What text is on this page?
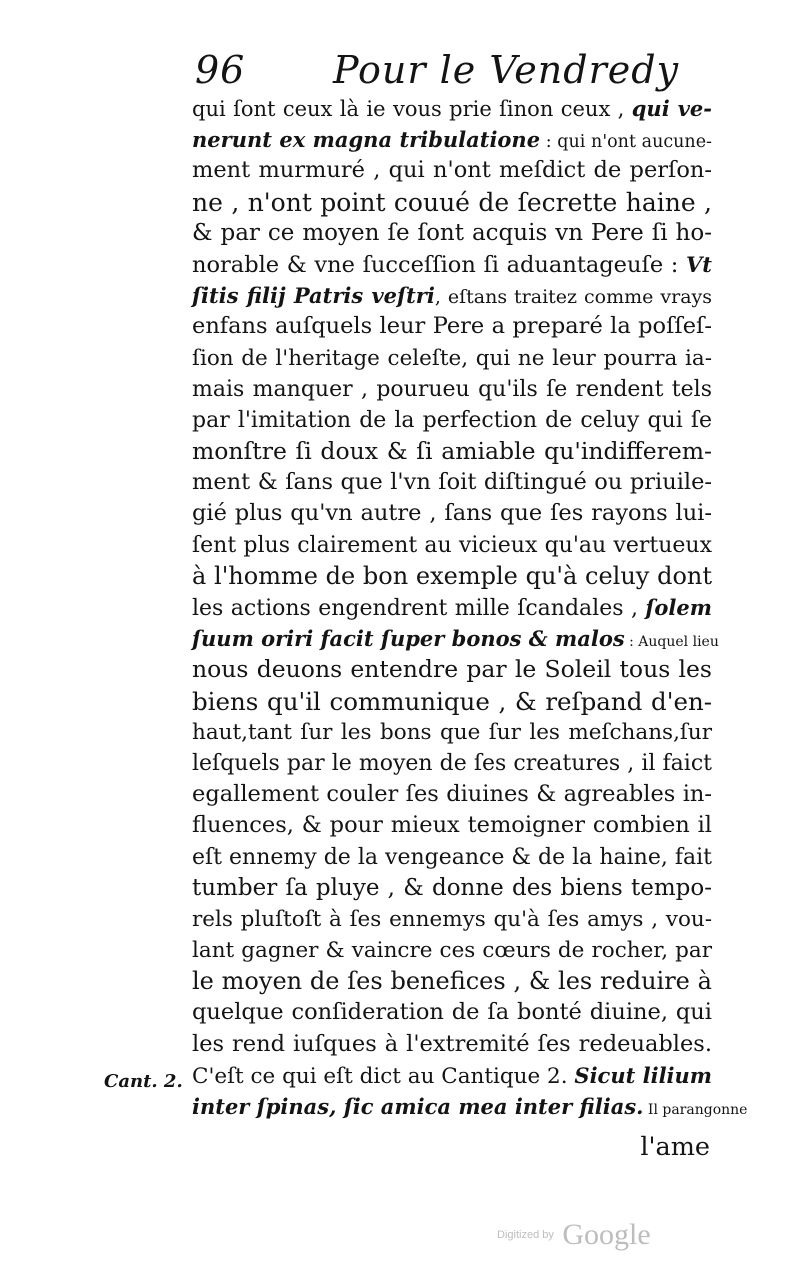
96 Pour le Vendredy
qui ſont ceux là ie vous prie ſinon ceux , qui ve-
nerunt ex magna tribulatione : qui n'ont aucune-
ment murmuré , qui n'ont meſdict de perſon-
ne , n'ont point couué de ſecrette haine ,
& par ce moyen ſe ſont acquis vn Pere ſi ho-
norable & vne ſucceſſion ſi aduantageuſe : Vt
ſitis filij Patris veſtri, eſtans traitez comme vrays
enfans auſquels leur Pere a preparé la poſſeſ-
ſion de l'heritage celeſte, qui ne leur pourra ia-
mais manquer , pourueu qu'ils ſe rendent tels
par l'imitation de la perfection de celuy qui ſe
monſtre ſi doux & ſi amiable qu'indifferem-
ment & ſans que l'vn ſoit diſtingué ou priuile-
gié plus qu'vn autre , ſans que ſes rayons lui-
ſent plus clairement au vicieux qu'au vertueux
à l'homme de bon exemple qu'à celuy dont
les actions engendrent mille ſcandales , ſolem
ſuum oriri facit ſuper bonos & malos : Auquel lieu
nous deuons entendre par le Soleil tous les
biens qu'il communique , & reſpand d'en-
haut,tant ſur les bons que ſur les meſchans,ſur
leſquels par le moyen de ſes creatures , il faict
egallement couler ſes diuines & agreables in-
fluences, & pour mieux temoigner combien il
eſt ennemy de la vengeance & de la haine, fait
tumber ſa pluye , & donne des biens tempo-
rels pluſtoſt à ſes ennemys qu'à ſes amys , vou-
lant gagner & vaincre ces cœurs de rocher, par
le moyen de ſes benefices , & les reduire à
quelque conſideration de ſa bonté diuine, qui
les rend iuſques à l'extremité ſes redeuables.
C'eſt ce qui eſt dict au Cantique 2. Sicut lilium
inter ſpinas, ſic amica mea inter filias. Il parangonne
Cant. 2.
l'ame
Digitized by Google
